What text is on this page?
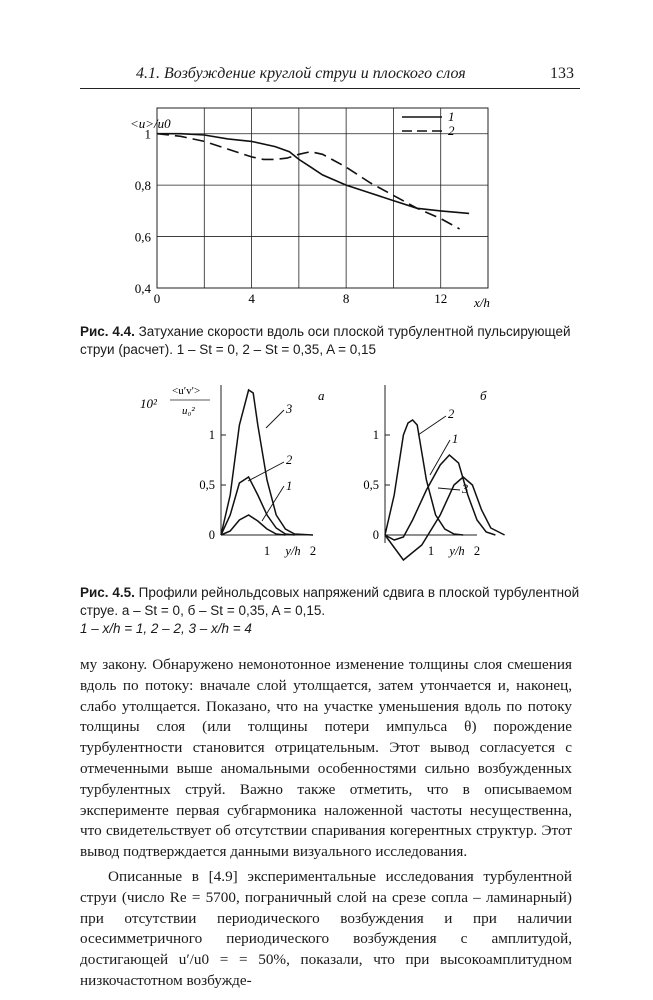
4.1. Возбуждение круглой струи и плоского слоя	133
0	4	8	12
0,4
0,6
0,8
1
<u>/u0
x/h
1
2
Рис. 4.4. Затухание скорости вдоль оси плоской турбулентной пульсирующей струи (расчет). 1 – St = 0, 2 – St = 0,35, A = 0,15
10²
<u′v′>
u₀²
0
0,5
1
1	2
y/h
а
1
2
3
0
0,5
1
1	2
y/h
б
1
2
3
Рис. 4.5. Профили рейнольдсовых напряжений сдвига в плоской турбулентной струе. а – St = 0, б – St = 0,35, A = 0,15.
1 – x/h = 1, 2 – 2, 3 – x/h = 4

му закону. Обнаружено немонотонное изменение толщины слоя смешения вдоль по потоку: вначале слой утолщается, затем утончается и, наконец, слабо утолщается. Показано, что на участке уменьшения вдоль по потоку толщины слоя (или толщины потери импульса θ) порождение турбулентности становится отрицательным. Этот вывод согласуется с отмеченными выше аномальными особенностями сильно возбужденных турбулентных струй. Важно также отметить, что в описываемом эксперименте первая субгармоника наложенной частоты несущественна, что свидетельствует об отсутствии спаривания когерентных структур. Этот вывод подтверждается данными визуального исследования.

Описанные в [4.9] экспериментальные исследования турбулентной струи (число Re = 5700, пограничный слой на срезе сопла – ламинарный) при отсутствии периодического возбуждения и при наличии осесимметричного периодического возбуждения с амплитудой, достигающей u′/u0 = = 50%, показали, что при высокоамплитудном низкочастотном возбужде-
